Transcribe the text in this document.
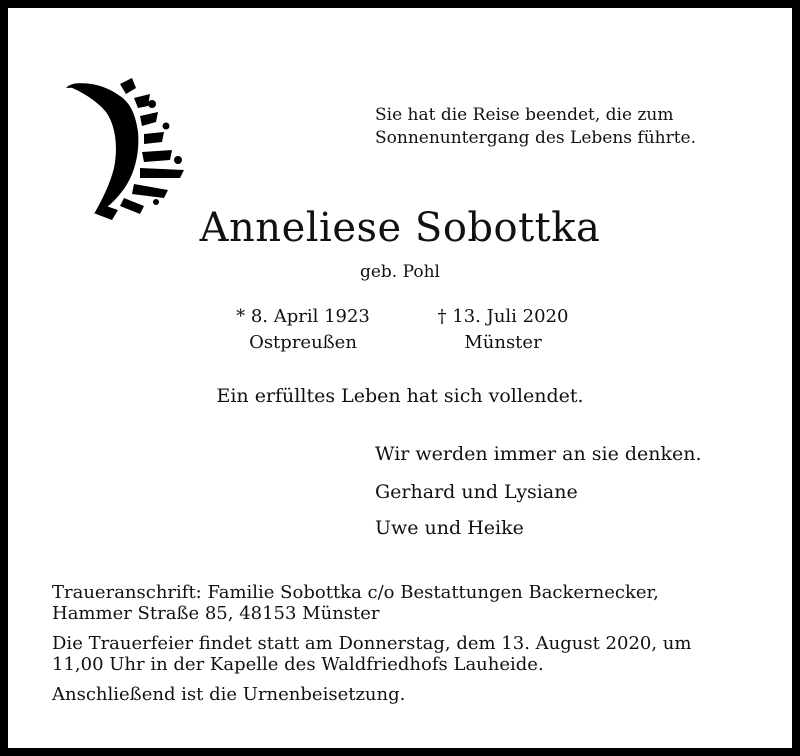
Sie hat die Reise beendet, die zum

Sonnenuntergang des Lebens führte.

Anneliese Sobottka

geb. Pohl

* 8. April 1923
Ostpreußen
† 13. Juli 2020
Münster

Ein erfülltes Leben hat sich vollendet.

Wir werden immer an sie denken.

Gerhard und Lysiane

Uwe und Heike

Traueranschrift: Familie Sobottka c/o Bestattungen Backernecker,
Hammer Straße 85, 48153 Münster
Die Trauerfeier findet statt am Donnerstag, dem 13. August 2020, um
11,00 Uhr in der Kapelle des Waldfriedhofs Lauheide.

Anschließend ist die Urnenbeisetzung.
